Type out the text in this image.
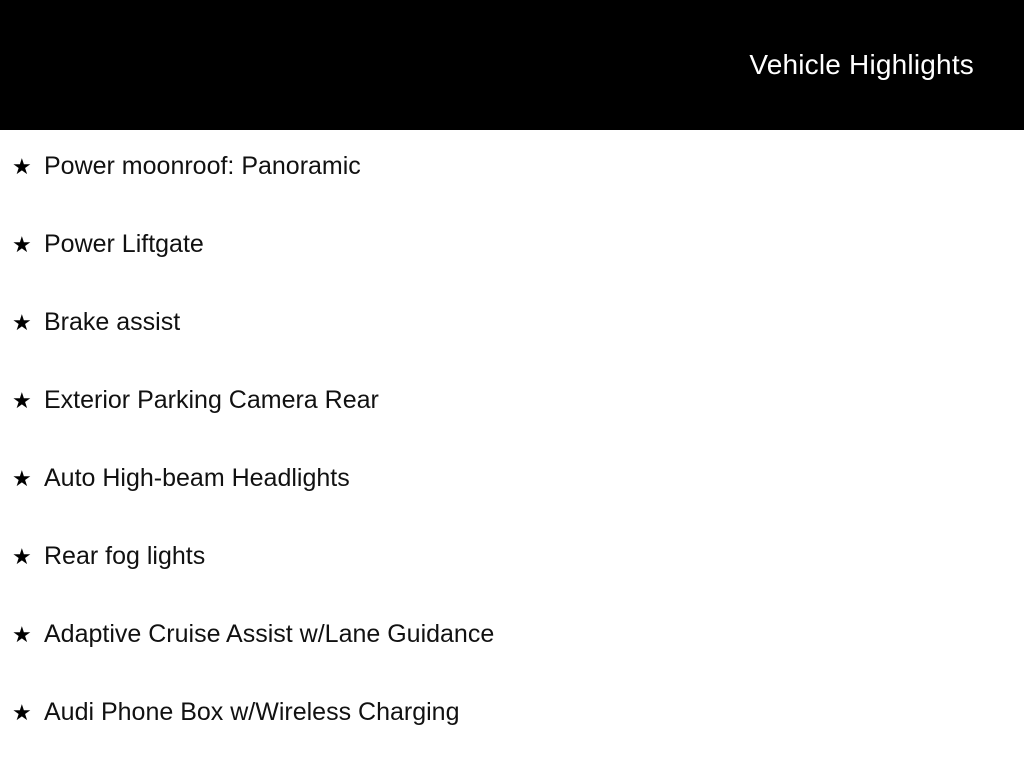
Vehicle Highlights
★ Power moonroof: Panoramic
★ Power Liftgate
★ Brake assist
★ Exterior Parking Camera Rear
★ Auto High-beam Headlights
★ Rear fog lights
★ Adaptive Cruise Assist w/Lane Guidance
★ Audi Phone Box w/Wireless Charging
